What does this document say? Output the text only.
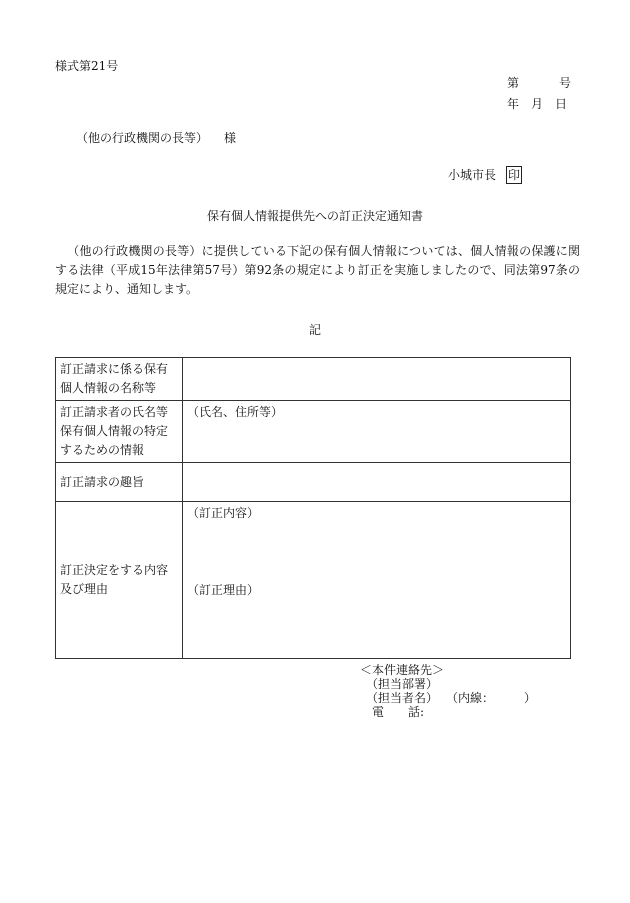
様式第21号
第	号
年 月 日
（他の行政機関の長等） 様
小城市長 印
保有個人情報提供先への訂正決定通知書
（他の行政機関の長等）に提供している下記の保有個人情報については、個人情報の保護に関する法律（平成15年法律第57号）第92条の規定により訂正を実施しましたので、同法第97条の規定により、通知します。
記
訂正請求に係る保有個人情報の名称等	
訂正請求者の氏名等保有個人情報の特定するための情報	（氏名、住所等）
訂正請求の趣旨	
訂正決定をする内容及び理由	（訂正内容）
（訂正理由）
＜本件連絡先＞
（担当部署）
（担当者名） （内線：　　　）
電　　話:
